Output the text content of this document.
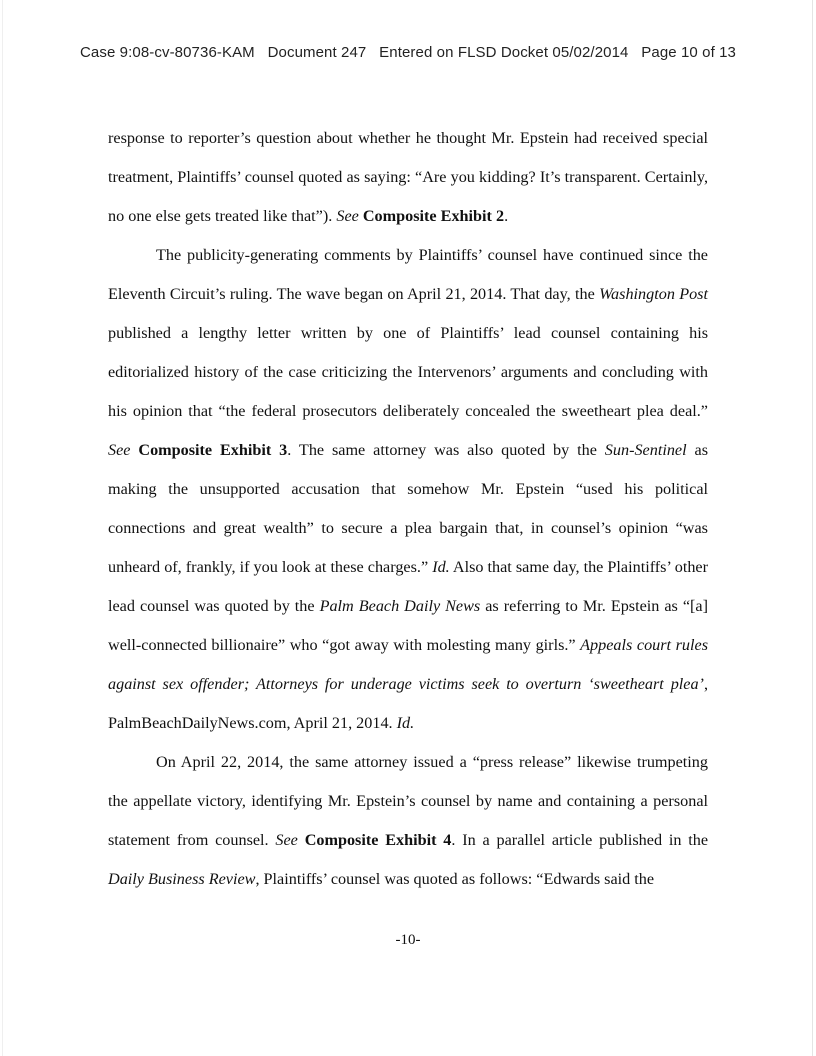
Case 9:08-cv-80736-KAM Document 247 Entered on FLSD Docket 05/02/2014 Page 10 of 13

response to reporter’s question about whether he thought Mr. Epstein had received special treatment, Plaintiffs’ counsel quoted as saying: “Are you kidding? It’s transparent. Certainly, no one else gets treated like that”). See Composite Exhibit 2.

The publicity-generating comments by Plaintiffs’ counsel have continued since the Eleventh Circuit’s ruling. The wave began on April 21, 2014. That day, the Washington Post published a lengthy letter written by one of Plaintiffs’ lead counsel containing his editorialized history of the case criticizing the Intervenors’ arguments and concluding with his opinion that “the federal prosecutors deliberately concealed the sweetheart plea deal.” See Composite Exhibit 3. The same attorney was also quoted by the Sun-Sentinel as making the unsupported accusation that somehow Mr. Epstein “used his political connections and great wealth” to secure a plea bargain that, in counsel’s opinion “was unheard of, frankly, if you look at these charges.” Id. Also that same day, the Plaintiffs’ other lead counsel was quoted by the Palm Beach Daily News as referring to Mr. Epstein as “[a] well-connected billionaire” who “got away with molesting many girls.” Appeals court rules against sex offender; Attorneys for underage victims seek to overturn ‘sweetheart plea’, PalmBeachDailyNews.com, April 21, 2014. Id.

On April 22, 2014, the same attorney issued a “press release” likewise trumpeting the appellate victory, identifying Mr. Epstein’s counsel by name and containing a personal statement from counsel. See Composite Exhibit 4. In a parallel article published in the Daily Business Review, Plaintiffs’ counsel was quoted as follows: “Edwards said the

-10-
